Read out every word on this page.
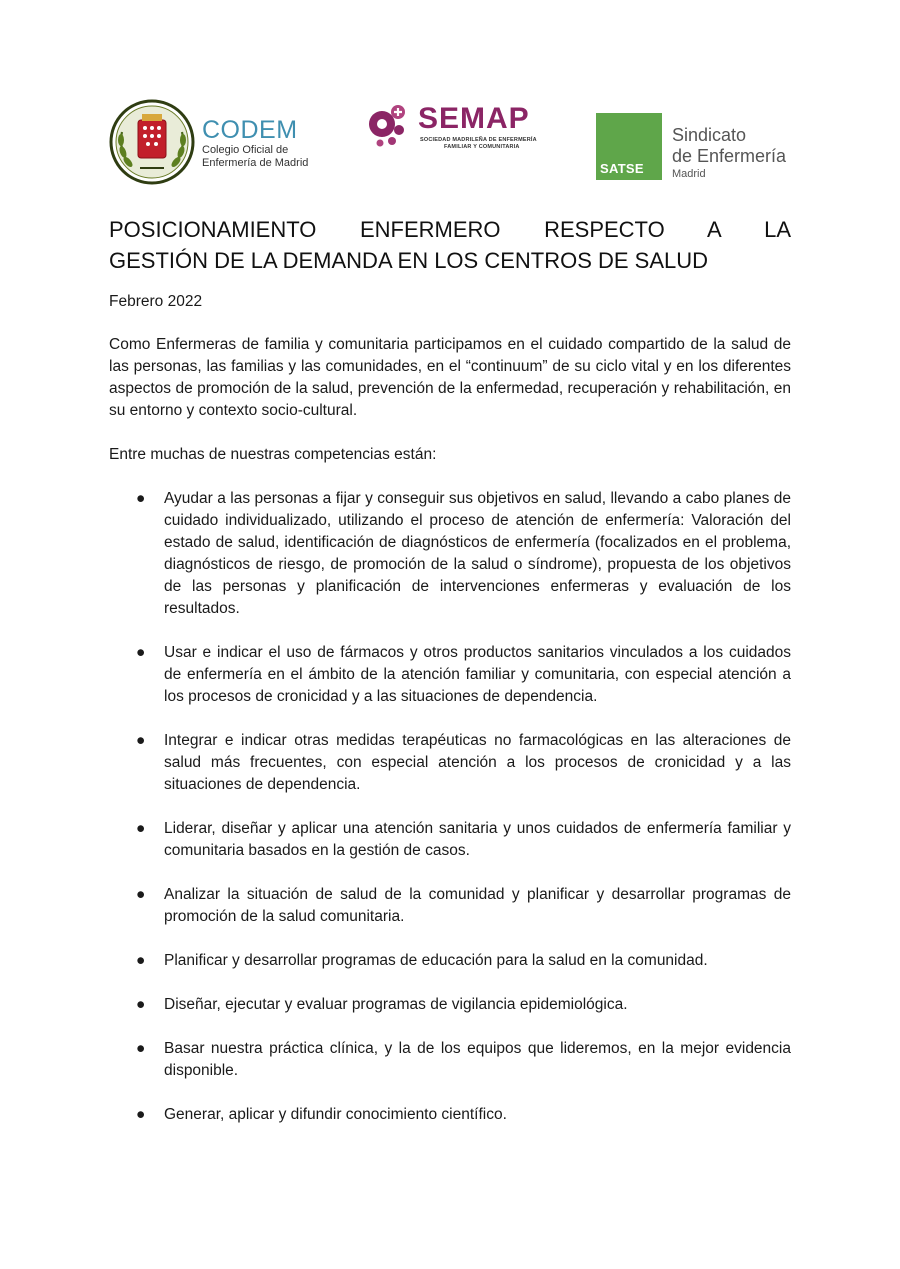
CODEM
Colegio Oficial de
Enfermería de Madrid
SEMAP
SOCIEDAD MADRILEÑA DE ENFERMERÍA
FAMILIAR Y COMUNITARIA
SATSE
Sindicato
de Enfermería
Madrid
POSICIONAMIENTO ENFERMERO RESPECTO A LA
GESTIÓN DE LA DEMANDA EN LOS CENTROS DE SALUD
Febrero 2022

Como Enfermeras de familia y comunitaria participamos en el cuidado compartido de la salud de las personas, las familias y las comunidades, en el “continuum” de su ciclo vital y en los diferentes aspectos de promoción de la salud, prevención de la enfermedad, recuperación y rehabilitación, en su entorno y contexto socio-cultural.

Entre muchas de nuestras competencias están:

● Ayudar a las personas a fijar y conseguir sus objetivos en salud, llevando a cabo planes de cuidado individualizado, utilizando el proceso de atención de enfermería: Valoración del estado de salud, identificación de diagnósticos de enfermería (focalizados en el problema, diagnósticos de riesgo, de promoción de la salud o síndrome), propuesta de los objetivos de las personas y planificación de intervenciones enfermeras y evaluación de los resultados.
● Usar e indicar el uso de fármacos y otros productos sanitarios vinculados a los cuidados de enfermería en el ámbito de la atención familiar y comunitaria, con especial atención a los procesos de cronicidad y a las situaciones de dependencia.
● Integrar e indicar otras medidas terapéuticas no farmacológicas en las alteraciones de salud más frecuentes, con especial atención a los procesos de cronicidad y a las situaciones de dependencia.
● Liderar, diseñar y aplicar una atención sanitaria y unos cuidados de enfermería familiar y comunitaria basados en la gestión de casos.
● Analizar la situación de salud de la comunidad y planificar y desarrollar programas de promoción de la salud comunitaria.
● Planificar y desarrollar programas de educación para la salud en la comunidad.
● Diseñar, ejecutar y evaluar programas de vigilancia epidemiológica.
● Basar nuestra práctica clínica, y la de los equipos que lideremos, en la mejor evidencia disponible.
● Generar, aplicar y difundir conocimiento científico.
